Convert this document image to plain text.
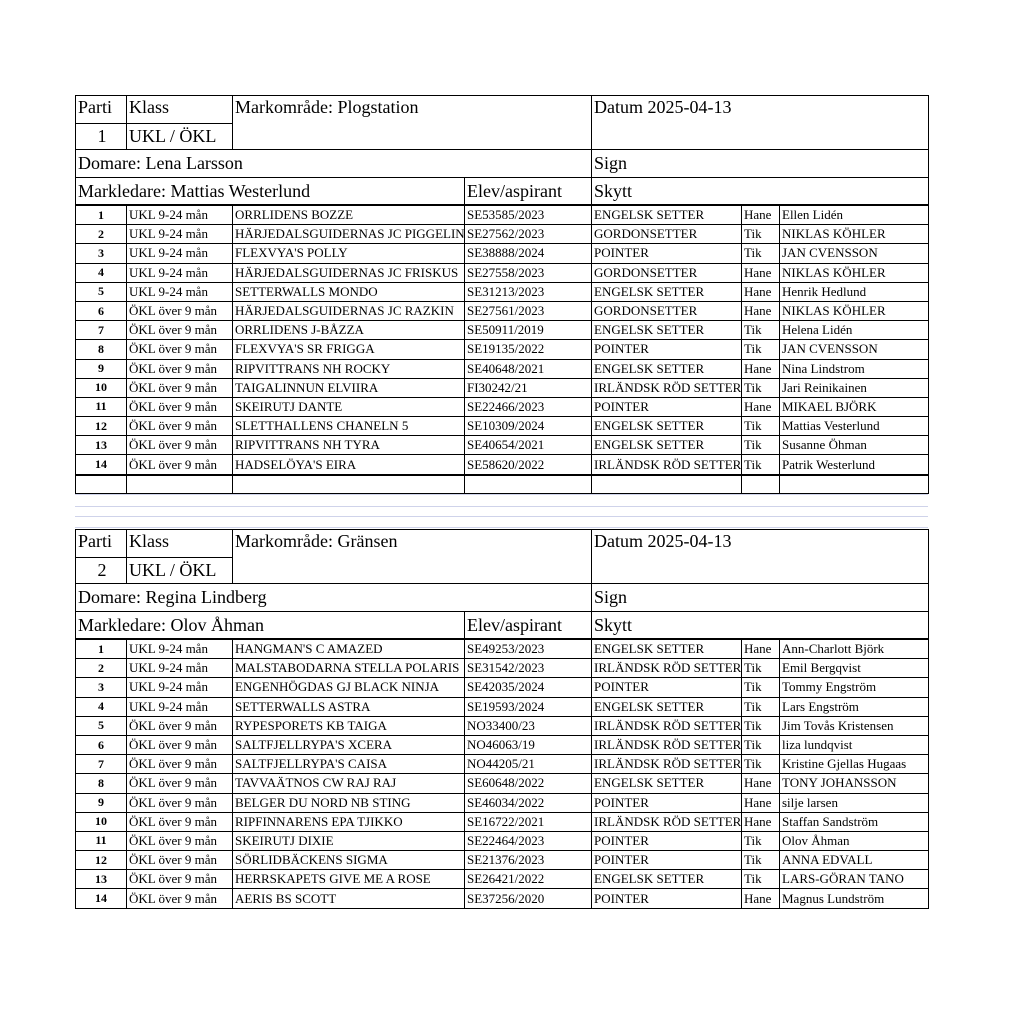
Parti	Klass	Markområde: Plogstation		Datum 2025-04-13
1	UKL / ÖKL			
Domare: Lena Larsson				Sign
Markledare: Mattias Westerlund			Elev/aspirant	Skytt
1	UKL 9-24 mån	ORRLIDENS BOZZE	SE53585/2023	ENGELSK SETTER	Hane	Ellen Lidén
2	UKL 9-24 mån	HÄRJEDALSGUIDERNAS JC PIGGELIN	SE27562/2023	GORDONSETTER	Tik	NIKLAS KÖHLER
3	UKL 9-24 mån	FLEXVYA'S POLLY	SE38888/2024	POINTER	Tik	JAN CVENSSON
4	UKL 9-24 mån	HÄRJEDALSGUIDERNAS JC FRISKUS	SE27558/2023	GORDONSETTER	Hane	NIKLAS KÖHLER
5	UKL 9-24 mån	SETTERWALLS MONDO	SE31213/2023	ENGELSK SETTER	Hane	Henrik Hedlund
6	ÖKL över 9 mån	HÄRJEDALSGUIDERNAS JC RAZKIN	SE27561/2023	GORDONSETTER	Hane	NIKLAS KÖHLER
7	ÖKL över 9 mån	ORRLIDENS J-BÅZZA	SE50911/2019	ENGELSK SETTER	Tik	Helena Lidén
8	ÖKL över 9 mån	FLEXVYA'S SR FRIGGA	SE19135/2022	POINTER	Tik	JAN CVENSSON
9	ÖKL över 9 mån	RIPVITTRANS NH ROCKY	SE40648/2021	ENGELSK SETTER	Hane	Nina Lindstrom
10	ÖKL över 9 mån	TAIGALINNUN ELVIIRA	FI30242/21	IRLÄNDSK RÖD SETTER	Tik	Jari Reinikainen
11	ÖKL över 9 mån	SKEIRUTJ DANTE	SE22466/2023	POINTER	Hane	MIKAEL BJÖRK
12	ÖKL över 9 mån	SLETTHALLENS CHANELN 5	SE10309/2024	ENGELSK SETTER	Tik	Mattias Vesterlund
13	ÖKL över 9 mån	RIPVITTRANS NH TYRA	SE40654/2021	ENGELSK SETTER	Tik	Susanne Öhman
14	ÖKL över 9 mån	HADSELÖYA'S EIRA	SE58620/2022	IRLÄNDSK RÖD SETTER	Tik	Patrik Westerlund

Parti	Klass	Markområde: Gränsen		Datum 2025-04-13
2	UKL / ÖKL			
Domare: Regina Lindberg				Sign
Markledare: Olov Åhman			Elev/aspirant	Skytt
1	UKL 9-24 mån	HANGMAN'S C AMAZED	SE49253/2023	ENGELSK SETTER	Hane	Ann-Charlott Björk
2	UKL 9-24 mån	MALSTABODARNA STELLA POLARIS	SE31542/2023	IRLÄNDSK RÖD SETTER	Tik	Emil Bergqvist
3	UKL 9-24 mån	ENGENHÖGDAS GJ BLACK NINJA	SE42035/2024	POINTER	Tik	Tommy Engström
4	UKL 9-24 mån	SETTERWALLS ASTRA	SE19593/2024	ENGELSK SETTER	Tik	Lars Engström
5	ÖKL över 9 mån	RYPESPORETS KB TAIGA	NO33400/23	IRLÄNDSK RÖD SETTER	Tik	Jim Tovås Kristensen
6	ÖKL över 9 mån	SALTFJELLRYPA'S XCERA	NO46063/19	IRLÄNDSK RÖD SETTER	Tik	liza lundqvist
7	ÖKL över 9 mån	SALTFJELLRYPA'S CAISA	NO44205/21	IRLÄNDSK RÖD SETTER	Tik	Kristine Gjellas Hugaas
8	ÖKL över 9 mån	TAVVAÄTNOS CW RAJ RAJ	SE60648/2022	ENGELSK SETTER	Hane	TONY JOHANSSON
9	ÖKL över 9 mån	BELGER DU NORD NB STING	SE46034/2022	POINTER	Hane	silje larsen
10	ÖKL över 9 mån	RIPFINNARENS EPA TJIKKO	SE16722/2021	IRLÄNDSK RÖD SETTER	Hane	Staffan Sandström
11	ÖKL över 9 mån	SKEIRUTJ DIXIE	SE22464/2023	POINTER	Tik	Olov Åhman
12	ÖKL över 9 mån	SÖRLIDBÄCKENS SIGMA	SE21376/2023	POINTER	Tik	ANNA EDVALL
13	ÖKL över 9 mån	HERRSKAPETS GIVE ME A ROSE	SE26421/2022	ENGELSK SETTER	Tik	LARS-GÖRAN TANO
14	ÖKL över 9 mån	AERIS BS SCOTT	SE37256/2020	POINTER	Hane	Magnus Lundström
